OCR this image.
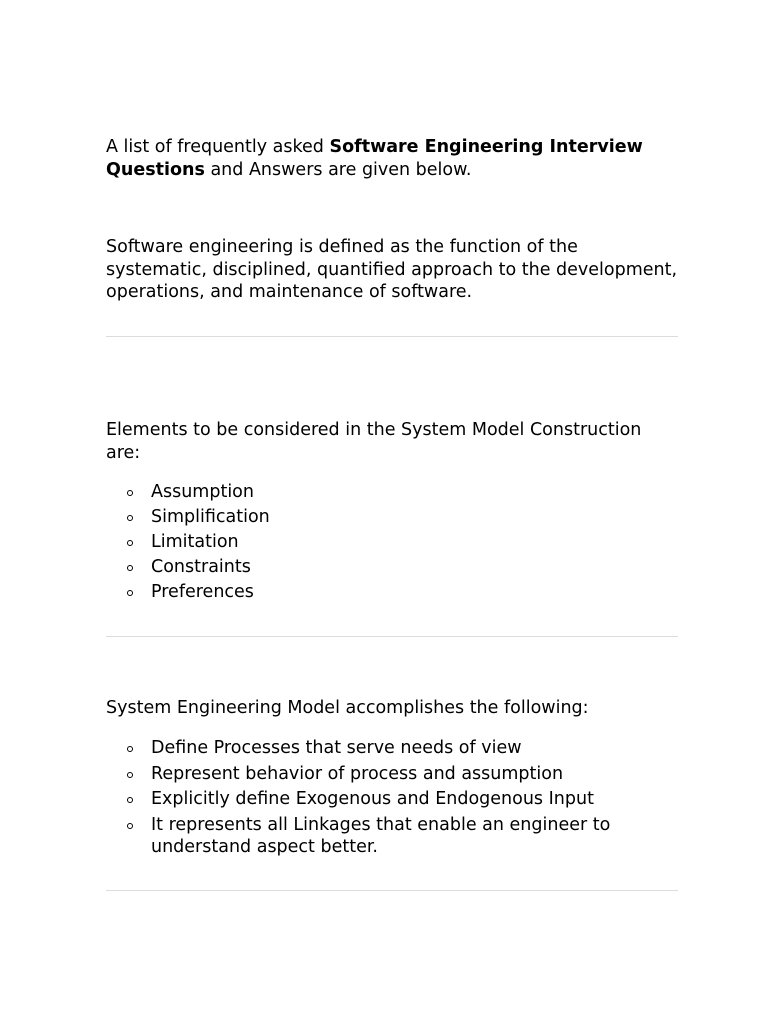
A list of frequently asked Software Engineering Interview Questions and Answers are given below.

Software engineering is defined as the function of the systematic, disciplined, quantified approach to the development, operations, and maintenance of software.

Elements to be considered in the System Model Construction are:

Assumption
Simplification
Limitation
Constraints
Preferences

System Engineering Model accomplishes the following:

Define Processes that serve needs of view
Represent behavior of process and assumption
Explicitly define Exogenous and Endogenous Input
It represents all Linkages that enable an engineer to understand aspect better.
